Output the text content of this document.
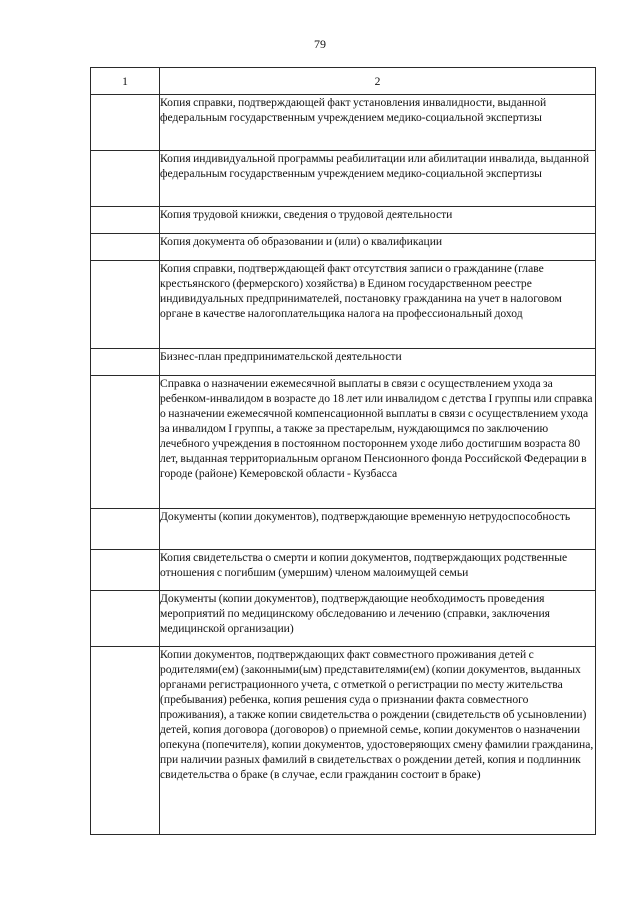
79
1	2
	Копия справки, подтверждающей факт установления инвалидности, выданной федеральным государственным учреждением медико-социальной экспертизы
	Копия индивидуальной программы реабилитации или абилитации инвалида, выданной федеральным государственным учреждением медико-социальной экспертизы
	Копия трудовой книжки, сведения о трудовой деятельности
	Копия документа об образовании и (или) о квалификации
	Копия справки, подтверждающей факт отсутствия записи о гражданине (главе крестьянского (фермерского) хозяйства) в Едином государственном реестре индивидуальных предпринимателей, постановку гражданина на учет в налоговом органе в качестве налогоплательщика налога на профессиональный доход
	Бизнес-план предпринимательской деятельности
	Справка о назначении ежемесячной выплаты в связи с осуществлением ухода за ребенком-инвалидом в возрасте до 18 лет или инвалидом с детства I группы или справка о назначении ежемесячной компенсационной выплаты в связи с осуществлением ухода за инвалидом I группы, а также за престарелым, нуждающимся по заключению лечебного учреждения в постоянном постороннем уходе либо достигшим возраста 80 лет, выданная территориальным органом Пенсионного фонда Российской Федерации в городе (районе) Кемеровской области - Кузбасса
	Документы (копии документов), подтверждающие временную нетрудоспособность
	Копия свидетельства о смерти и копии документов, подтверждающих родственные отношения с погибшим (умершим) членом малоимущей семьи
	Документы (копии документов), подтверждающие необходимость проведения мероприятий по медицинскому обследованию и лечению (справки, заключения медицинской организации)
	Копии документов, подтверждающих факт совместного проживания детей с родителями(ем) (законными(ым) представителями(ем) (копии документов, выданных органами регистрационного учета, с отметкой о регистрации по месту жительства (пребывания) ребенка, копия решения суда о признании факта совместного проживания), а также копии свидетельства о рождении (свидетельств об усыновлении) детей, копия договора (договоров) о приемной семье, копии документов о назначении опекуна (попечителя), копии документов, удостоверяющих смену фамилии гражданина, при наличии разных фамилий в свидетельствах о рождении детей, копия и подлинник свидетельства о браке (в случае, если гражданин состоит в браке)
